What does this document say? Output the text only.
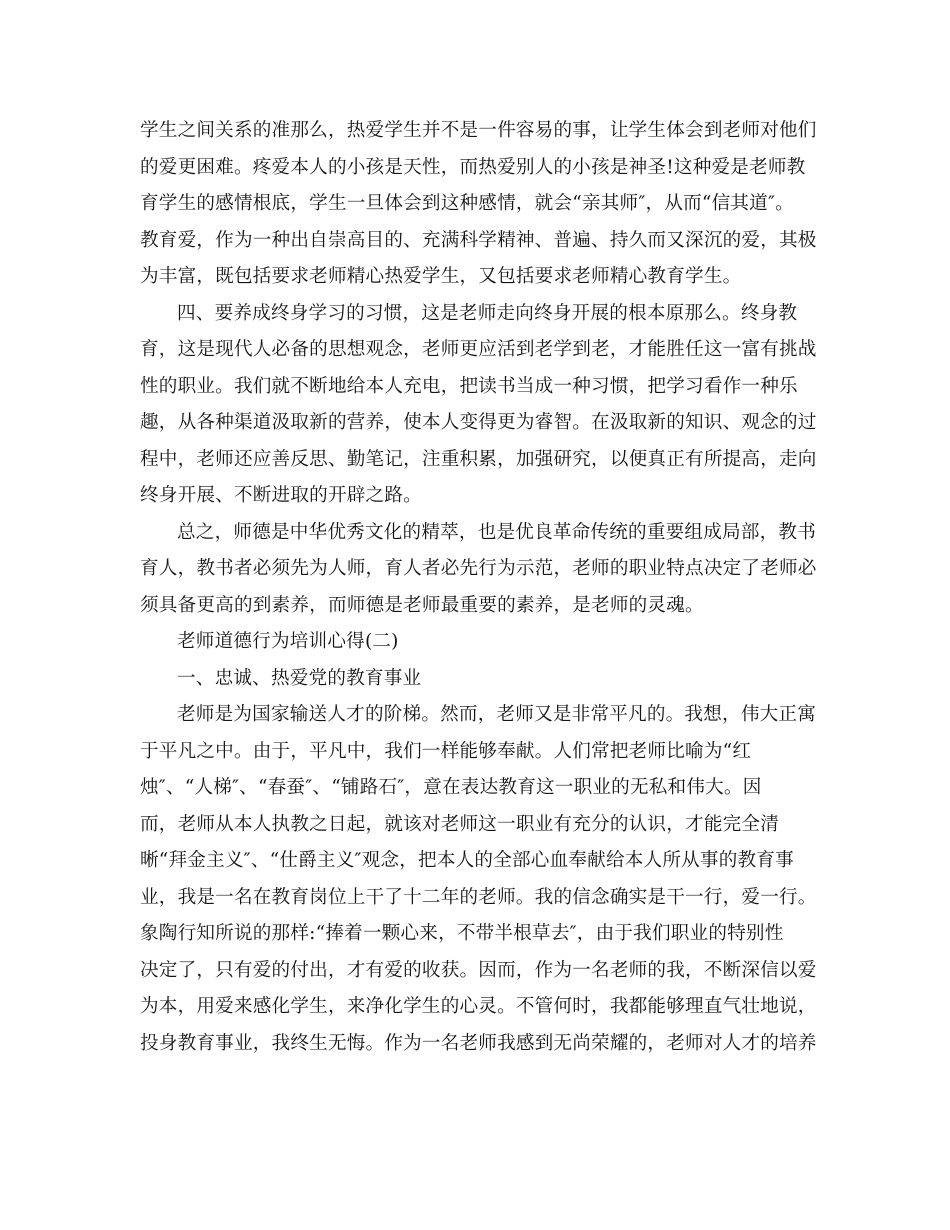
学生之间关系的准那么，热爱学生并不是一件容易的事，让学生体会到老师对他们
的爱更困难。疼爱本人的小孩是天性，而热爱别人的小孩是神圣!这种爱是老师教
育学生的感情根底，学生一旦体会到这种感情，就会“亲其师″，从而“信其道″。
教育爱，作为一种出自崇高目的、充满科学精神、普遍、持久而又深沉的爱，其极
为丰富，既包括要求老师精心热爱学生，又包括要求老师精心教育学生。
四、要养成终身学习的习惯，这是老师走向终身开展的根本原那么。终身教
育，这是现代人必备的思想观念，老师更应活到老学到老，才能胜任这一富有挑战
性的职业。我们就不断地给本人充电，把读书当成一种习惯，把学习看作一种乐
趣，从各种渠道汲取新的营养，使本人变得更为睿智。在汲取新的知识、观念的过
程中，老师还应善反思、勤笔记，注重积累，加强研究，以便真正有所提高，走向
终身开展、不断进取的开辟之路。
总之，师德是中华优秀文化的精萃，也是优良革命传统的重要组成局部，教书
育人，教书者必须先为人师，育人者必先行为示范，老师的职业特点决定了老师必
须具备更高的到素养，而师德是老师最重要的素养，是老师的灵魂。
老师道德行为培训心得(二)
一、忠诚、热爱党的教育事业
老师是为国家输送人才的阶梯。然而，老师又是非常平凡的。我想，伟大正寓
于平凡之中。由于，平凡中，我们一样能够奉献。人们常把老师比喻为“红
烛″、“人梯″、“春蚕″、“铺路石″，意在表达教育这一职业的无私和伟大。因
而，老师从本人执教之日起，就该对老师这一职业有充分的认识，才能完全清
晰“拜金主义″、“仕爵主义″观念，把本人的全部心血奉献给本人所从事的教育事
业，我是一名在教育岗位上干了十二年的老师。我的信念确实是干一行，爱一行。
象陶行知所说的那样:“捧着一颗心来，不带半根草去″，由于我们职业的特别性
决定了，只有爱的付出，才有爱的收获。因而，作为一名老师的我，不断深信以爱
为本，用爱来感化学生，来净化学生的心灵。不管何时，我都能够理直气壮地说，
投身教育事业，我终生无悔。作为一名老师我感到无尚荣耀的，老师对人才的培养
